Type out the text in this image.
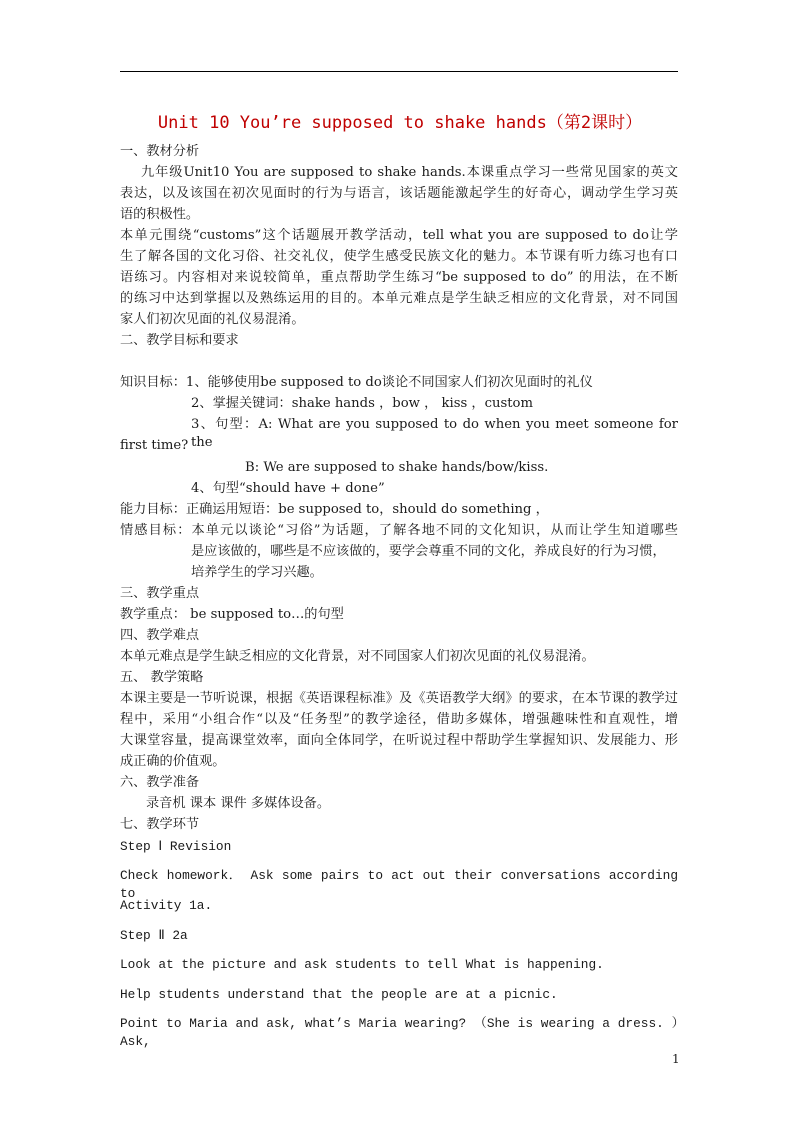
Unit 10 You’re supposed to shake hands（第2课时）
一、教材分析
九年级Unit10 You are supposed to shake hands.本课重点学习一些常见国家的英文
表达，以及该国在初次见面时的行为与语言，该话题能激起学生的好奇心，调动学生学习英
语的积极性。
本单元围绕“customs”这个话题展开教学活动，tell what you are supposed to do让学
生了解各国的文化习俗、社交礼仪，使学生感受民族文化的魅力。本节课有听力练习也有口
语练习。内容相对来说较简单，重点帮助学生练习“be supposed to do” 的用法，在不断
的练习中达到掌握以及熟练运用的目的。本单元难点是学生缺乏相应的文化背景，对不同国
家人们初次见面的礼仪易混淆。
二、教学目标和要求
知识目标：1、能够使用be supposed to do谈论不同国家人们初次见面时的礼仪
2、掌握关键词：shake hands ，bow ， kiss ，custom
3、句型：A: What are you supposed to do when you meet someone for the
first time?
B: We are supposed to shake hands/bow/kiss.
4、句型“should have + done”
能力目标：正确运用短语：be supposed to，should do something ，
情感目标：本单元以谈论“习俗”为话题，了解各地不同的文化知识，从而让学生知道哪些
是应该做的，哪些是不应该做的，要学会尊重不同的文化，养成良好的行为习惯，
培养学生的学习兴趣。
三、教学重点
教学重点： be supposed to…的句型
四、教学难点
本单元难点是学生缺乏相应的文化背景，对不同国家人们初次见面的礼仪易混淆。
五、 教学策略
本课主要是一节听说课，根据《英语课程标准》及《英语教学大纲》的要求，在本节课的教学过
程中，采用“小组合作“以及“任务型”的教学途径，借助多媒体，增强趣味性和直观性，增
大课堂容量，提高课堂效率，面向全体同学，在听说过程中帮助学生掌握知识、发展能力、形
成正确的价值观。
六、教学准备
录音机 课本 课件 多媒体设备。
七、教学环节
Step Ⅰ Revision
Check homework． Ask some pairs to act out their conversations according to
Activity 1a.
Step Ⅱ 2a
Look at the picture and ask students to tell What is happening.
Help students understand that the people are at a picnic.
Point to Maria and ask, what’s Maria wearing? （She is wearing a dress. ）Ask,
1
